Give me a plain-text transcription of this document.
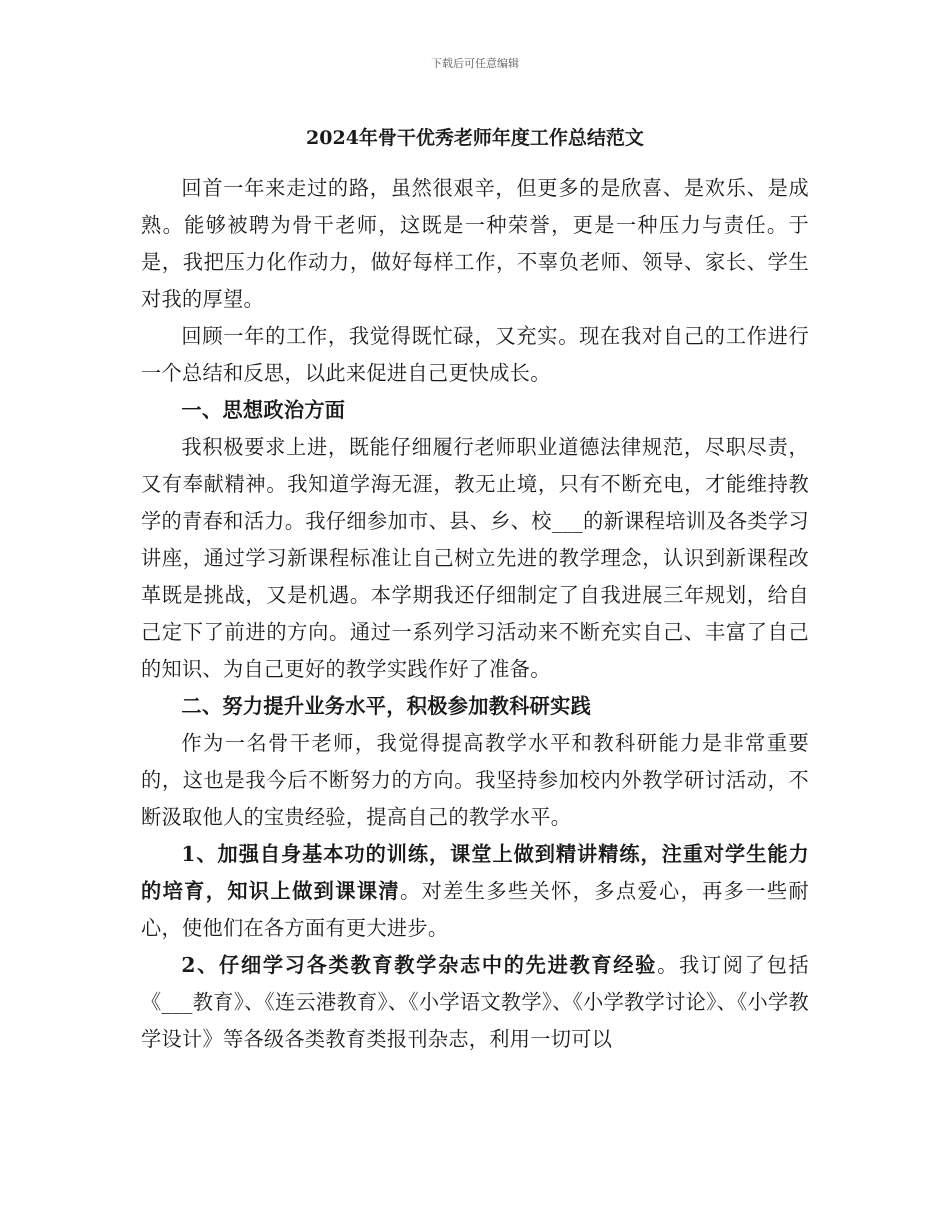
下载后可任意编辑
2024年骨干优秀老师年度工作总结范文

回首一年来走过的路，虽然很艰辛，但更多的是欣喜、是欢乐、是成熟。能够被聘为骨干老师，这既是一种荣誉，更是一种压力与责任。于是，我把压力化作动力，做好每样工作，不辜负老师、领导、家长、学生对我的厚望。

回顾一年的工作，我觉得既忙碌，又充实。现在我对自己的工作进行一个总结和反思，以此来促进自己更快成长。

一、思想政治方面

我积极要求上进，既能仔细履行老师职业道德法律规范，尽职尽责，又有奉献精神。我知道学海无涯，教无止境，只有不断充电，才能维持教学的青春和活力。我仔细参加市、县、乡、校___的新课程培训及各类学习讲座，通过学习新课程标准让自己树立先进的教学理念，认识到新课程改革既是挑战，又是机遇。本学期我还仔细制定了自我进展三年规划，给自己定下了前进的方向。通过一系列学习活动来不断充实自己、丰富了自己的知识、为自己更好的教学实践作好了准备。

二、努力提升业务水平，积极参加教科研实践

作为一名骨干老师，我觉得提高教学水平和教科研能力是非常重要的，这也是我今后不断努力的方向。我坚持参加校内外教学研讨活动，不断汲取他人的宝贵经验，提高自己的教学水平。

1、加强自身基本功的训练，课堂上做到精讲精练，注重对学生能力的培育，知识上做到课课清。对差生多些关怀，多点爱心，再多一些耐心，使他们在各方面有更大进步。

2、仔细学习各类教育教学杂志中的先进教育经验。我订阅了包括《___教育》、《连云港教育》、《小学语文教学》、《小学教学讨论》、《小学教学设计》等各级各类教育类报刊杂志，利用一切可以
